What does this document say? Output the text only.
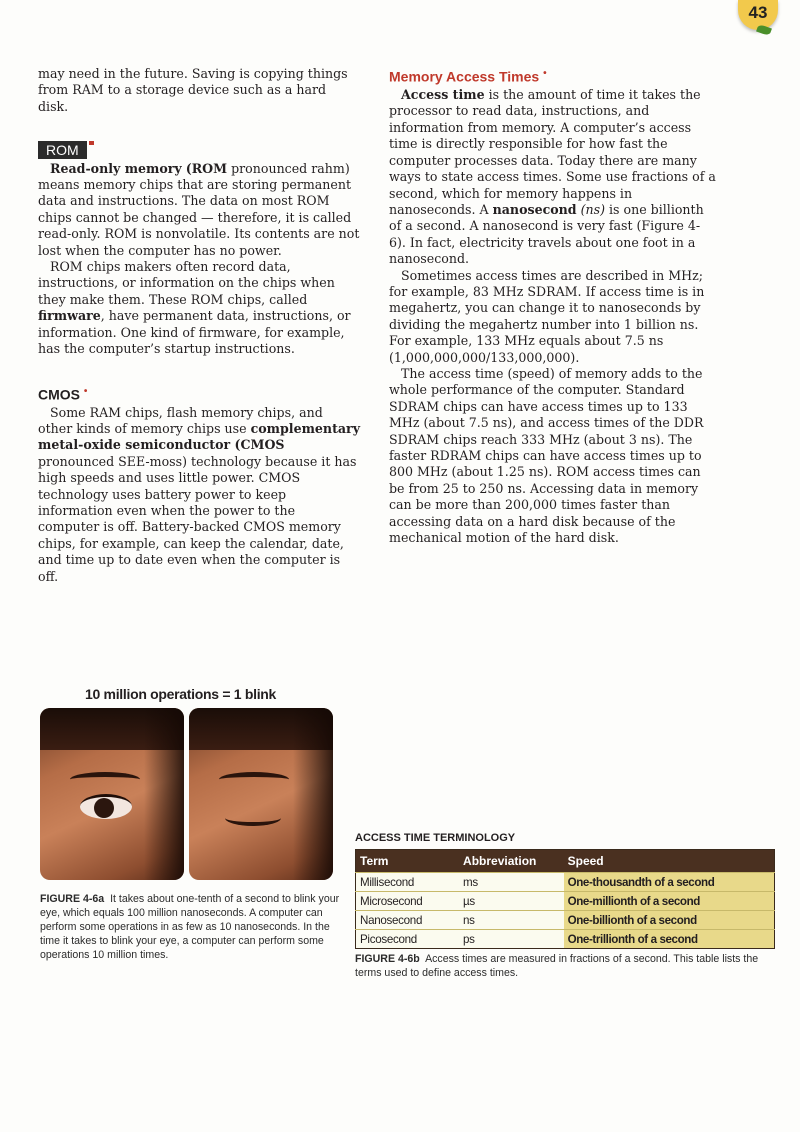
43

may need in the future. Saving is copying things from RAM to a storage device such as a hard disk.

ROM

Read-only memory (ROM pronounced rahm) means memory chips that are storing permanent data and instructions. The data on most ROM chips cannot be changed — therefore, it is called read-only. ROM is nonvolatile. Its contents are not lost when the computer has no power.

ROM chips makers often record data, instructions, or information on the chips when they make them. These ROM chips, called firmware, have permanent data, instructions, or information. One kind of firmware, for example, has the computer’s startup instructions.

CMOS •

Some RAM chips, flash memory chips, and other kinds of memory chips use complementary metal-oxide semiconductor (CMOS pronounced SEE-moss) technology because it has high speeds and uses little power. CMOS technology uses battery power to keep information even when the power to the computer is off. Battery-backed CMOS memory chips, for example, can keep the calendar, date, and time up to date even when the computer is off.

Memory Access Times •

Access time is the amount of time it takes the processor to read data, instructions, and information from memory. A computer’s access time is directly responsible for how fast the computer processes data. Today there are many ways to state access times. Some use fractions of a second, which for memory happens in nanoseconds. A nanosecond (ns) is one billionth of a second. A nanosecond is very fast (Figure 4-6). In fact, electricity travels about one foot in a nanosecond.

Sometimes access times are described in MHz; for example, 83 MHz SDRAM. If access time is in megahertz, you can change it to nanoseconds by dividing the megahertz number into 1 billion ns. For example, 133 MHz equals about 7.5 ns (1,000,000,000/133,000,000).

The access time (speed) of memory adds to the whole performance of the computer. Standard SDRAM chips can have access times up to 133 MHz (about 7.5 ns), and access times of the DDR SDRAM chips reach 333 MHz (about 3 ns). The faster RDRAM chips can have access times up to 800 MHz (about 1.25 ns). ROM access times can be from 25 to 250 ns. Accessing data in memory can be more than 200,000 times faster than accessing data on a hard disk because of the mechanical motion of the hard disk.

10 million operations = 1 blink
FIGURE 4-6a It takes about one-tenth of a second to blink your eye, which equals 100 million nanoseconds. A computer can perform some operations in as few as 10 nanoseconds. In the time it takes to blink your eye, a computer can perform some operations 10 million times.
ACCESS TIME TERMINOLOGY
Term	Abbreviation	Speed
Millisecond	ms	One-thousandth of a second
Microsecond	µs	One-millionth of a second
Nanosecond	ns	One-billionth of a second
Picosecond	ps	One-trillionth of a second
FIGURE 4-6b Access times are measured in fractions of a second. This table lists the terms used to define access times.
